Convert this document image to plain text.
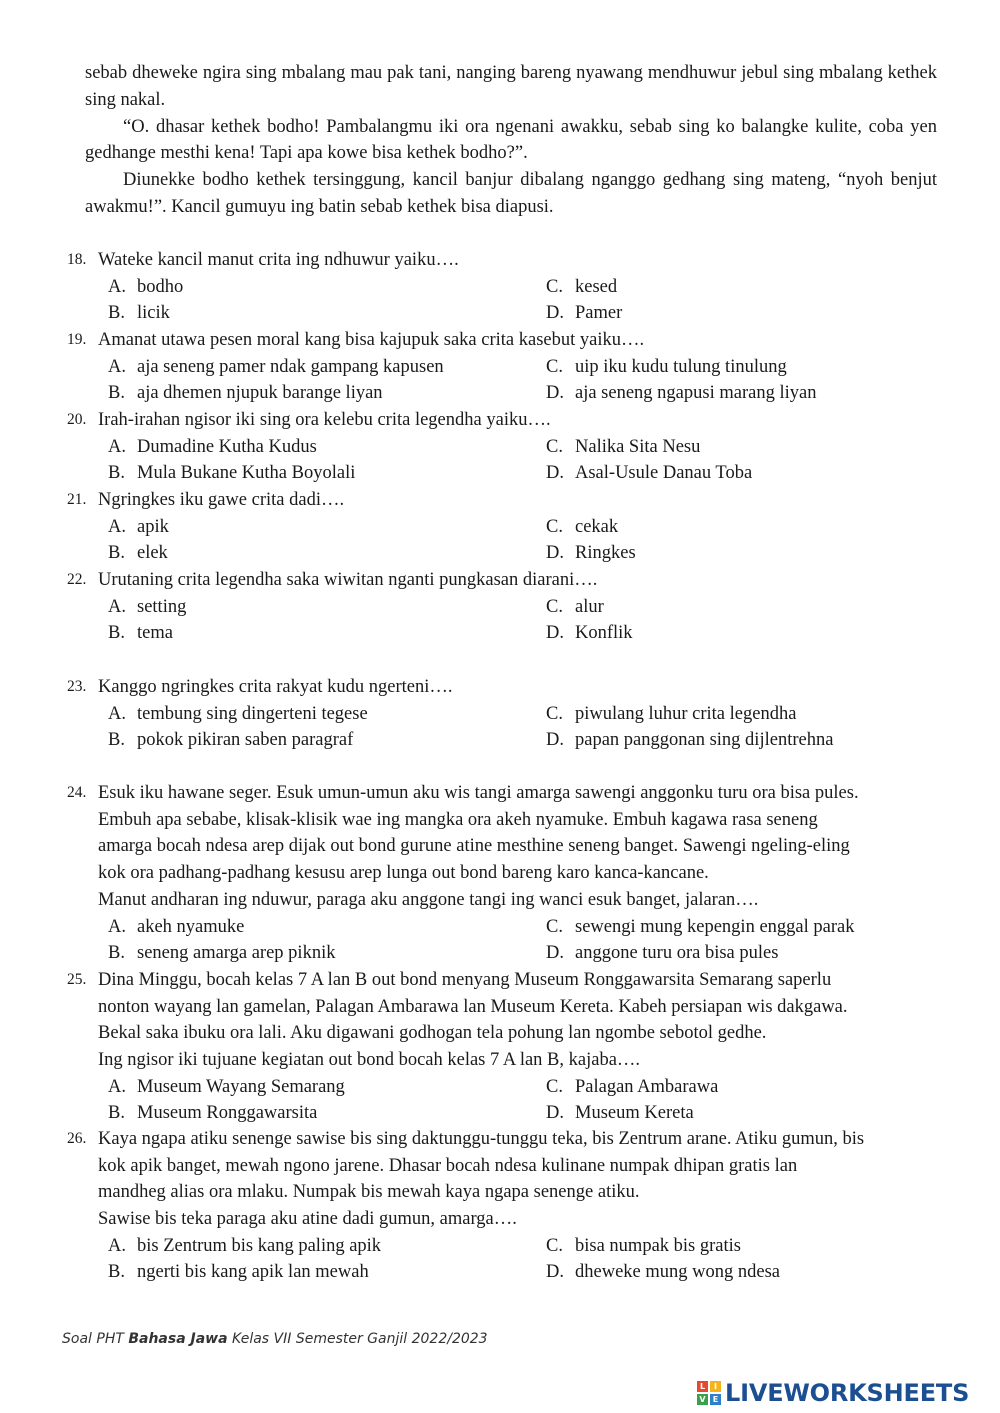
sebab dheweke ngira sing mbalang mau pak tani, nanging bareng nyawang mendhuwur jebul sing mbalang kethek sing nakal.

“O. dhasar kethek bodho! Pambalangmu iki ora ngenani awakku, sebab sing ko balangke kulite, coba yen gedhange mesthi kena! Tapi apa kowe bisa kethek bodho?”.

Diunekke bodho kethek tersinggung, kancil banjur dibalang nganggo gedhang sing mateng, “nyoh benjut awakmu!”. Kancil gumuyu ing batin sebab kethek bisa diapusi.

18. Wateke kancil manut crita ing ndhuwur yaiku….
A. bodho	C. kesed
B. licik	D. Pamer
19. Amanat utawa pesen moral kang bisa kajupuk saka crita kasebut yaiku….
A. aja seneng pamer ndak gampang kapusen	C. uip iku kudu tulung tinulung
B. aja dhemen njupuk barange liyan	D. aja seneng ngapusi marang liyan
20. Irah-irahan ngisor iki sing ora kelebu crita legendha yaiku….
A. Dumadine Kutha Kudus	C. Nalika Sita Nesu
B. Mula Bukane Kutha Boyolali	D. Asal-Usule Danau Toba
21. Ngringkes iku gawe crita dadi….
A. apik	C. cekak
B. elek	D. Ringkes
22. Urutaning crita legendha saka wiwitan nganti pungkasan diarani….
A. setting	C. alur
B. tema	D. Konflik
23. Kanggo ngringkes crita rakyat kudu ngerteni….
A. tembung sing dingerteni tegese	C. piwulang luhur crita legendha
B. pokok pikiran saben paragraf	D. papan panggonan sing dijlentrehna
24. Esuk iku hawane seger. Esuk umun-umun aku wis tangi amarga sawengi anggonku turu ora bisa pules.
Embuh apa sebabe, klisak-klisik wae ing mangka ora akeh nyamuke. Embuh kagawa rasa seneng
amarga bocah ndesa arep dijak out bond gurune atine mesthine seneng banget. Sawengi ngeling-eling
kok ora padhang-padhang kesusu arep lunga out bond bareng karo kanca-kancane.
Manut andharan ing nduwur, paraga aku anggone tangi ing wanci esuk banget, jalaran….
A. akeh nyamuke	C. sewengi mung kepengin enggal parak
B. seneng amarga arep piknik	D. anggone turu ora bisa pules
25. Dina Minggu, bocah kelas 7 A lan B out bond menyang Museum Ronggawarsita Semarang saperlu
nonton wayang lan gamelan, Palagan Ambarawa lan Museum Kereta. Kabeh persiapan wis dakgawa.
Bekal saka ibuku ora lali. Aku digawani godhogan tela pohung lan ngombe sebotol gedhe.
Ing ngisor iki tujuane kegiatan out bond bocah kelas 7 A lan B, kajaba….
A. Museum Wayang Semarang	C. Palagan Ambarawa
B. Museum Ronggawarsita	D. Museum Kereta
26. Kaya ngapa atiku senenge sawise bis sing daktunggu-tunggu teka, bis Zentrum arane. Atiku gumun, bis
kok apik banget, mewah ngono jarene. Dhasar bocah ndesa kulinane numpak dhipan gratis lan
mandheg alias ora mlaku. Numpak bis mewah kaya ngapa senenge atiku.
Sawise bis teka paraga aku atine dadi gumun, amarga….
A. bis Zentrum bis kang paling apik	C. bisa numpak bis gratis
B. ngerti bis kang apik lan mewah	D. dheweke mung wong ndesa
Soal PHT Bahasa Jawa Kelas VII Semester Ganjil 2022/2023
L	I
V E LIVEWORKSHEETS
